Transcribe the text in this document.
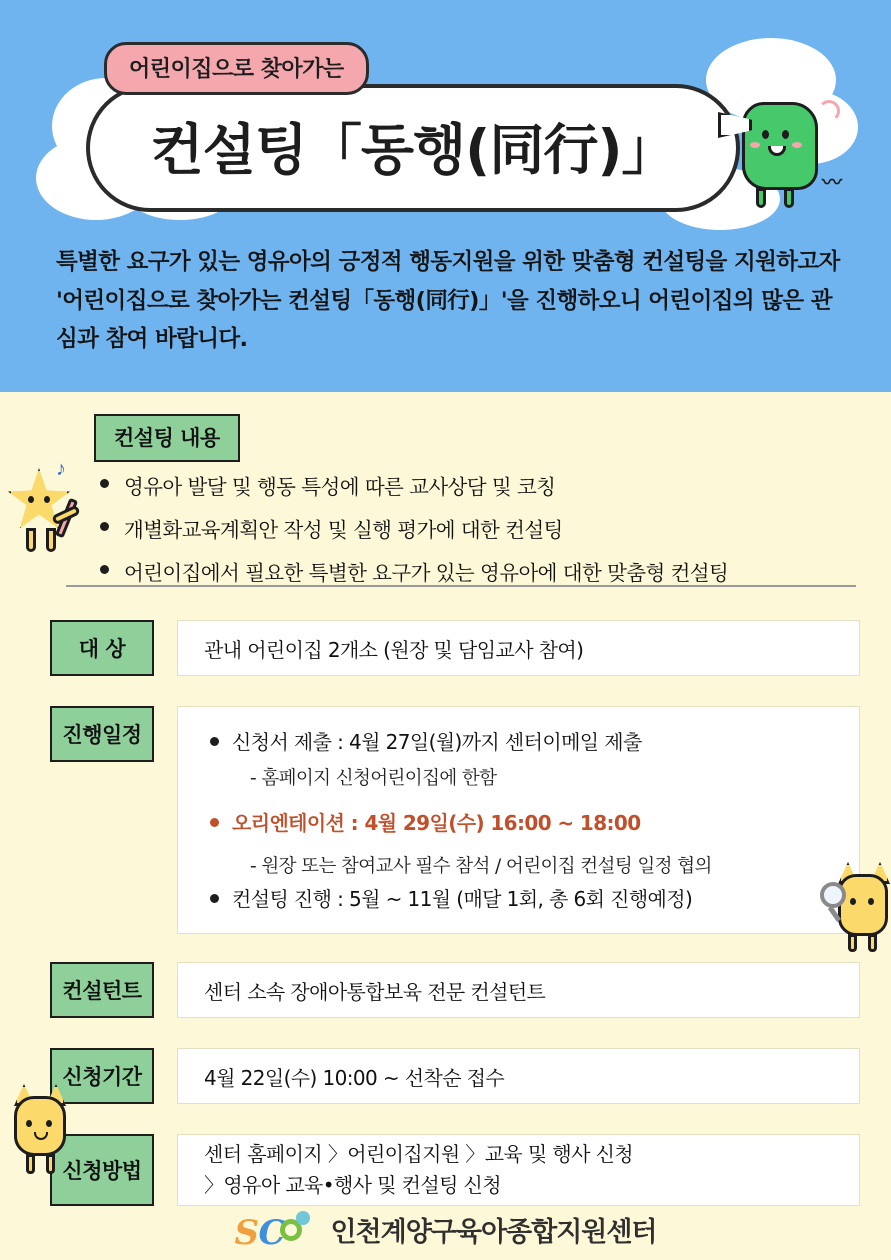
컨설팅「동행(同行)」
어린이집으로 찾아가는
〰
특별한 요구가 있는 영유아의 긍정적 행동지원을 위한 맞춤형 컨설팅을 지원하고자 '어린이집으로 찾아가는 컨설팅「동행(同行)」'을 진행하오니 어린이집의 많은 관심과 참여 바랍니다.
컨설팅 내용
영유아 발달 및 행동 특성에 따른 교사상담 및 코칭
개별화교육계획안 작성 및 실행 평가에 대한 컨설팅
어린이집에서 필요한 특별한 요구가 있는 영유아에 대한 맞춤형 컨설팅
대 상	관내 어린이집 2개소 (원장 및 담임교사 참여)
진행일정	신청서 제출 : 4월 27일(월)까지 센터이메일 제출
- 홈페이지 신청어린이집에 한함
오리엔테이션 : 4월 29일(수) 16:00 ~ 18:00
- 원장 또는 참여교사 필수 참석 / 어린이집 컨설팅 일정 협의
컨설팅 진행 : 5월 ~ 11월 (매달 1회, 총 6회 진행예정)
컨설턴트	센터 소속 장애아통합보육 전문 컨설턴트
신청기간	4월 22일(수) 10:00 ~ 선착순 접수
신청방법
센터 홈페이지 〉어린이집지원 〉교육 및 행사 신청
〉영유아 교육•행사 및 컨설팅 신청
♪
S C 인천계양구육아종합지원센터
